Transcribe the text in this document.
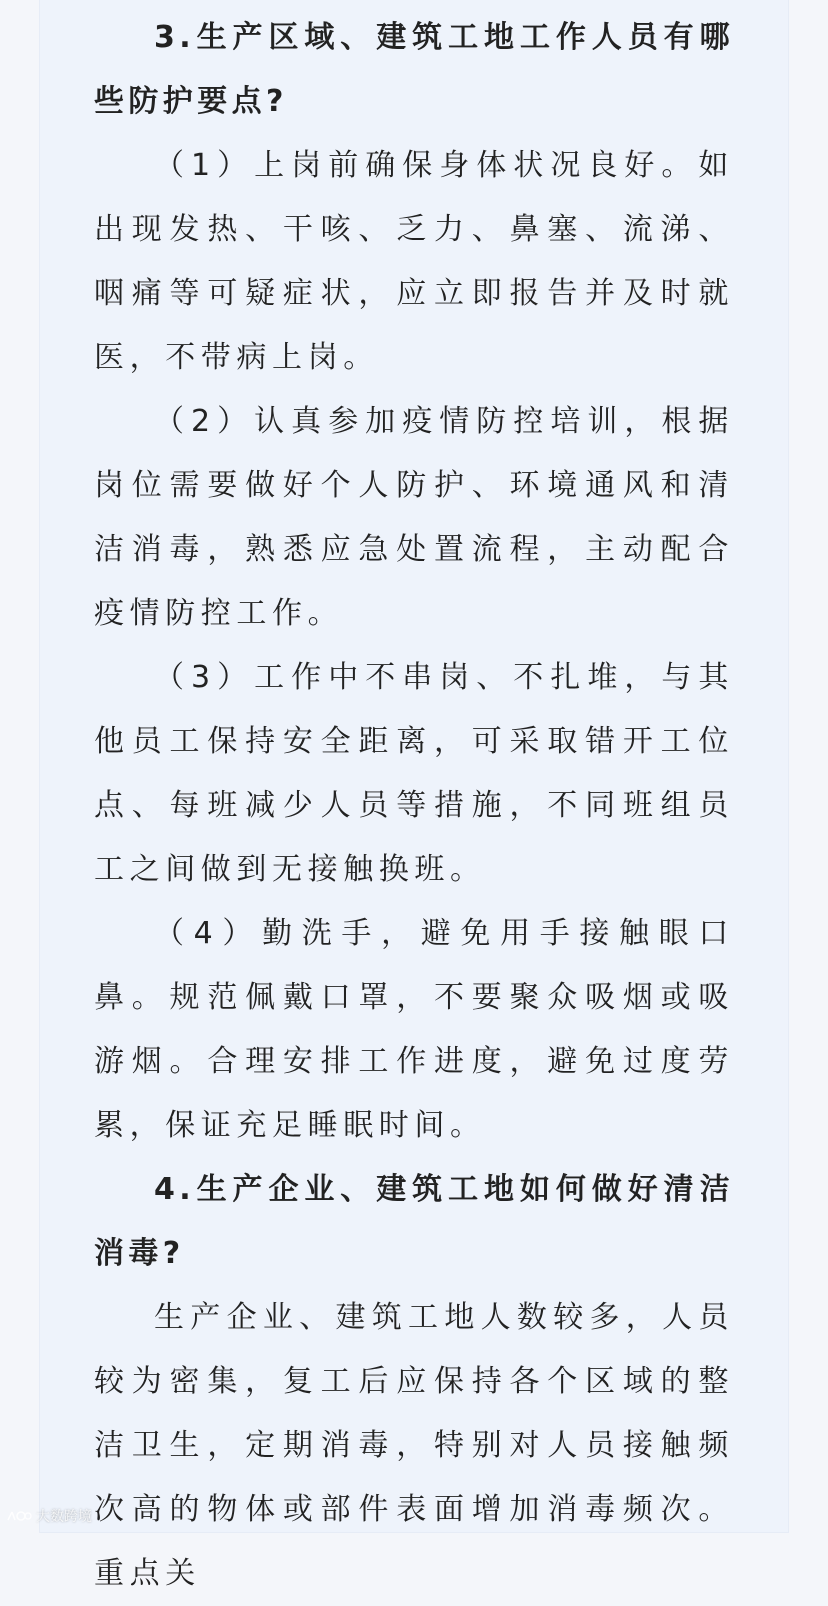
3.生产区域、建筑工地工作人员有哪些防护要点?

（1）上岗前确保身体状况良好。如出现发热、干咳、乏力、鼻塞、流涕、咽痛等可疑症状，应立即报告并及时就医，不带病上岗。

（2）认真参加疫情防控培训，根据岗位需要做好个人防护、环境通风和清洁消毒，熟悉应急处置流程，主动配合疫情防控工作。

（3）工作中不串岗、不扎堆，与其他员工保持安全距离，可采取错开工位点、每班减少人员等措施，不同班组员工之间做到无接触换班。

（4）勤洗手，避免用手接触眼口鼻。规范佩戴口罩，不要聚众吸烟或吸游烟。合理安排工作进度，避免过度劳累，保证充足睡眠时间。

4.生产企业、建筑工地如何做好清洁消毒?

生产企业、建筑工地人数较多，人员较为密集，复工后应保持各个区域的整洁卫生，定期消毒，特别对人员接触频次高的物体或部件表面增加消毒频次。重点关

大数跨境
